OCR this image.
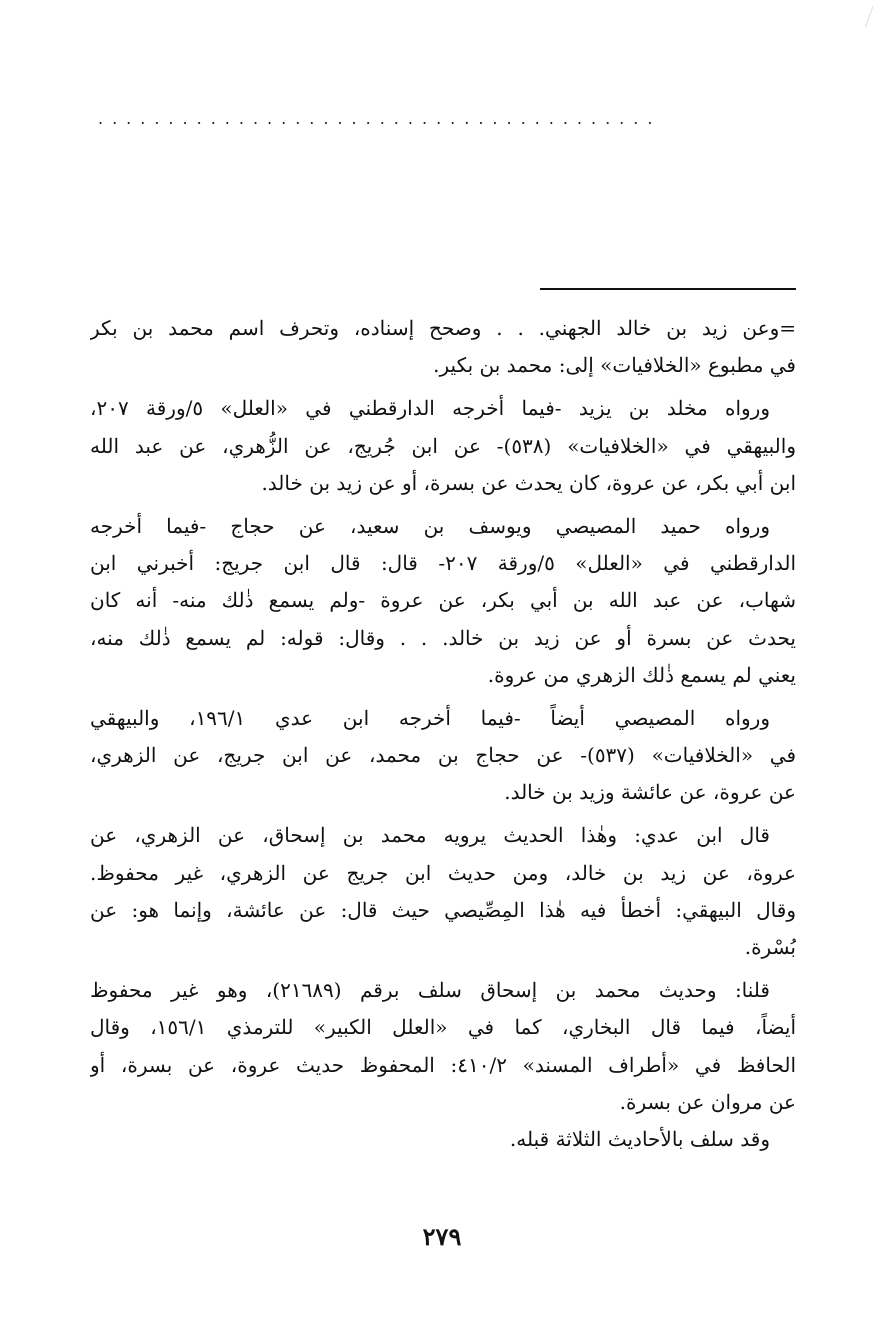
........................................
=وعن زيد بن خالد الجهني. . . وصحح إسناده، وتحرف اسم محمد بن بكر
في مطبوع «الخلافيات» إلى: محمد بن بكير.
ورواه مخلد بن يزيد -فيما أخرجه الدارقطني في «العلل» ٥/ورقة ٢٠٧،
والبيهقي في «الخلافيات» (٥٣٨)- عن ابن جُريج، عن الزُّهري، عن عبد الله
ابن أبي بكر، عن عروة، كان يحدث عن بسرة، أو عن زيد بن خالد.
ورواه حميد المصيصي ويوسف بن سعيد، عن حجاج -فيما أخرجه
الدارقطني في «العلل» ٥/ورقة ٢٠٧- قال: قال ابن جريج: أخبرني ابن
شهاب، عن عبد الله بن أبي بكر، عن عروة -ولم يسمع ذٰلك منه- أنه كان
يحدث عن بسرة أو عن زيد بن خالد. . . وقال: قوله: لم يسمع ذٰلك منه،
يعني لم يسمع ذٰلك الزهري من عروة.
ورواه المصيصي أيضاً -فيما أخرجه ابن عدي ١٩٦/١، والبيهقي
في «الخلافيات» (٥٣٧)- عن حجاج بن محمد، عن ابن جريج، عن الزهري،
عن عروة، عن عائشة وزيد بن خالد.
قال ابن عدي: وهٰذا الحديث يرويه محمد بن إسحاق، عن الزهري، عن
عروة، عن زيد بن خالد، ومن حديث ابن جريج عن الزهري، غير محفوظ.
وقال البيهقي: أخطأ فيه هٰذا المِصِّيصي حيث قال: عن عائشة، وإنما هو: عن
بُسْرة.
قلنا: وحديث محمد بن إسحاق سلف برقم (٢١٦٨٩)، وهو غير محفوظ
أيضاً، فيما قال البخاري، كما في «العلل الكبير» للترمذي ١٥٦/١، وقال
الحافظ في «أطراف المسند» ٤١٠/٢: المحفوظ حديث عروة، عن بسرة، أو
عن مروان عن بسرة.
وقد سلف بالأحاديث الثلاثة قبله.
٢٧٩
